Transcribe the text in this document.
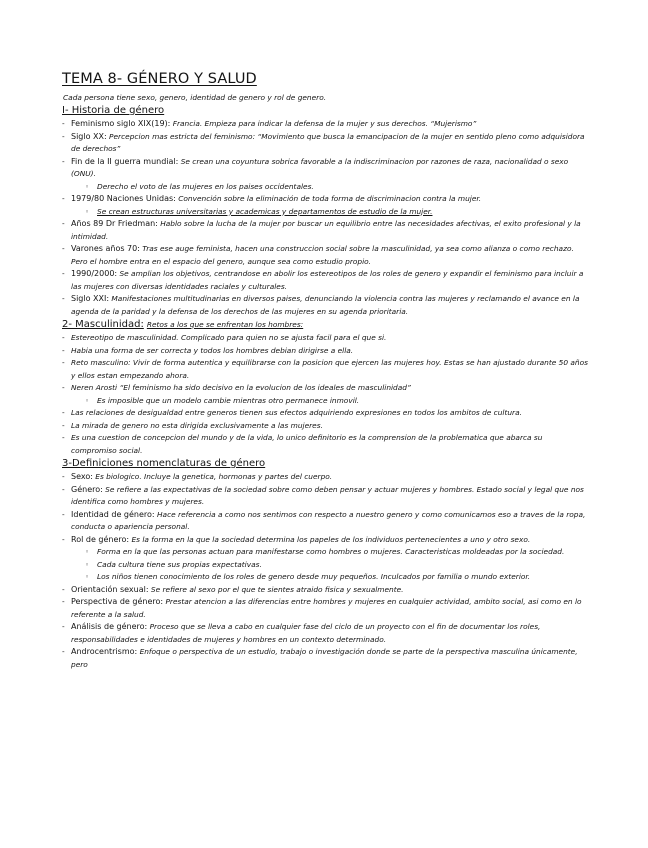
TEMA 8- GÉNERO Y SALUD
Cada persona tiene sexo, genero, identidad de genero y rol de genero.
I- Historia de género
- Feminismo siglo XIX(19): Francia. Empieza para indicar la defensa de la mujer y sus derechos. “Mujerismo”
- Siglo XX: Percepcion mas estricta del feminismo: “Movimiento que busca la emancipacion de la mujer en sentido pleno como adquisidora de derechos”
- Fin de la II guerra mundial: Se crean una coyuntura sobrica favorable a la indiscriminacion por razones de raza, nacionalidad o sexo (ONU).
◦ Derecho el voto de las mujeres en los paises occidentales.
- 1979/80 Naciones Unidas: Convención sobre la eliminación de toda forma de discriminacion contra la mujer.
◦ Se crean estructuras universitarias y academicas y departamentos de estudio de la mujer.
- Años 89 Dr Friedman: Hablo sobre la lucha de la mujer por buscar un equilibrio entre las necesidades afectivas, el exito profesional y la intimidad.
- Varones años 70: Tras ese auge feminista, hacen una construccion social sobre la masculinidad, ya sea como alianza o como rechazo. Pero el hombre entra en el espacio del genero, aunque sea como estudio propio.
- 1990/2000: Se amplian los objetivos, centrandose en abolir los estereotipos de los roles de genero y expandir el feminismo para incluir a las mujeres con diversas identidades raciales y culturales.
- Siglo XXI: Manifestaciones multitudinarias en diversos paises, denunciando la violencia contra las mujeres y reclamando el avance en la agenda de la paridad y la defensa de los derechos de las mujeres en su agenda prioritaria.
2- Masculinidad: Retos a los que se enfrentan los hombres:
- Estereotipo de masculinidad. Complicado para quien no se ajusta facil para el que si.
- Habia una forma de ser correcta y todos los hombres debian dirigirse a ella.
- Reto masculino: Vivir de forma autentica y equilibrarse con la posicion que ejercen las mujeres hoy. Estas se han ajustado durante 50 años y ellos estan empezando ahora.
- Neren Arosti “El feminismo ha sido decisivo en la evolucion de los ideales de masculinidad”
◦ Es imposible que un modelo cambie mientras otro permanece inmovil.
- Las relaciones de desigualdad entre generos tienen sus efectos adquiriendo expresiones en todos los ambitos de cultura.
- La mirada de genero no esta dirigida exclusivamente a las mujeres.
- Es una cuestion de concepcion del mundo y de la vida, lo unico definitorio es la comprension de la problematica que abarca su compromiso social.
3-Definiciones nomenclaturas de género
- Sexo: Es biologico. Incluye la genetica, hormonas y partes del cuerpo.
- Género: Se refiere a las expectativas de la sociedad sobre como deben pensar y actuar mujeres y hombres. Estado social y legal que nos identifica como hombres y mujeres.
- Identidad de género: Hace referencia a como nos sentimos con respecto a nuestro genero y como comunicamos eso a traves de la ropa, conducta o apariencia personal.
- Rol de género: Es la forma en la que la sociedad determina los papeles de los individuos pertenecientes a uno y otro sexo.
◦ Forma en la que las personas actuan para manifestarse como hombres o mujeres. Caracteristicas moldeadas por la sociedad.
◦ Cada cultura tiene sus propias expectativas.
◦ Los niños tienen conocimiento de los roles de genero desde muy pequeños. Inculcados por familia o mundo exterior.
- Orientación sexual: Se refiere al sexo por el que te sientes atraido fisica y sexualmente.
- Perspectiva de género: Prestar atencion a las diferencias entre hombres y mujeres en cualquier actividad, ambito social, asi como en lo referente a la salud.
- Análisis de género: Proceso que se lleva a cabo en cualquier fase del ciclo de un proyecto con el fin de documentar los roles, responsabilidades e identidades de mujeres y hombres en un contexto determinado.
- Androcentrismo: Enfoque o perspectiva de un estudio, trabajo o investigación donde se parte de la perspectiva masculina únicamente, pero
